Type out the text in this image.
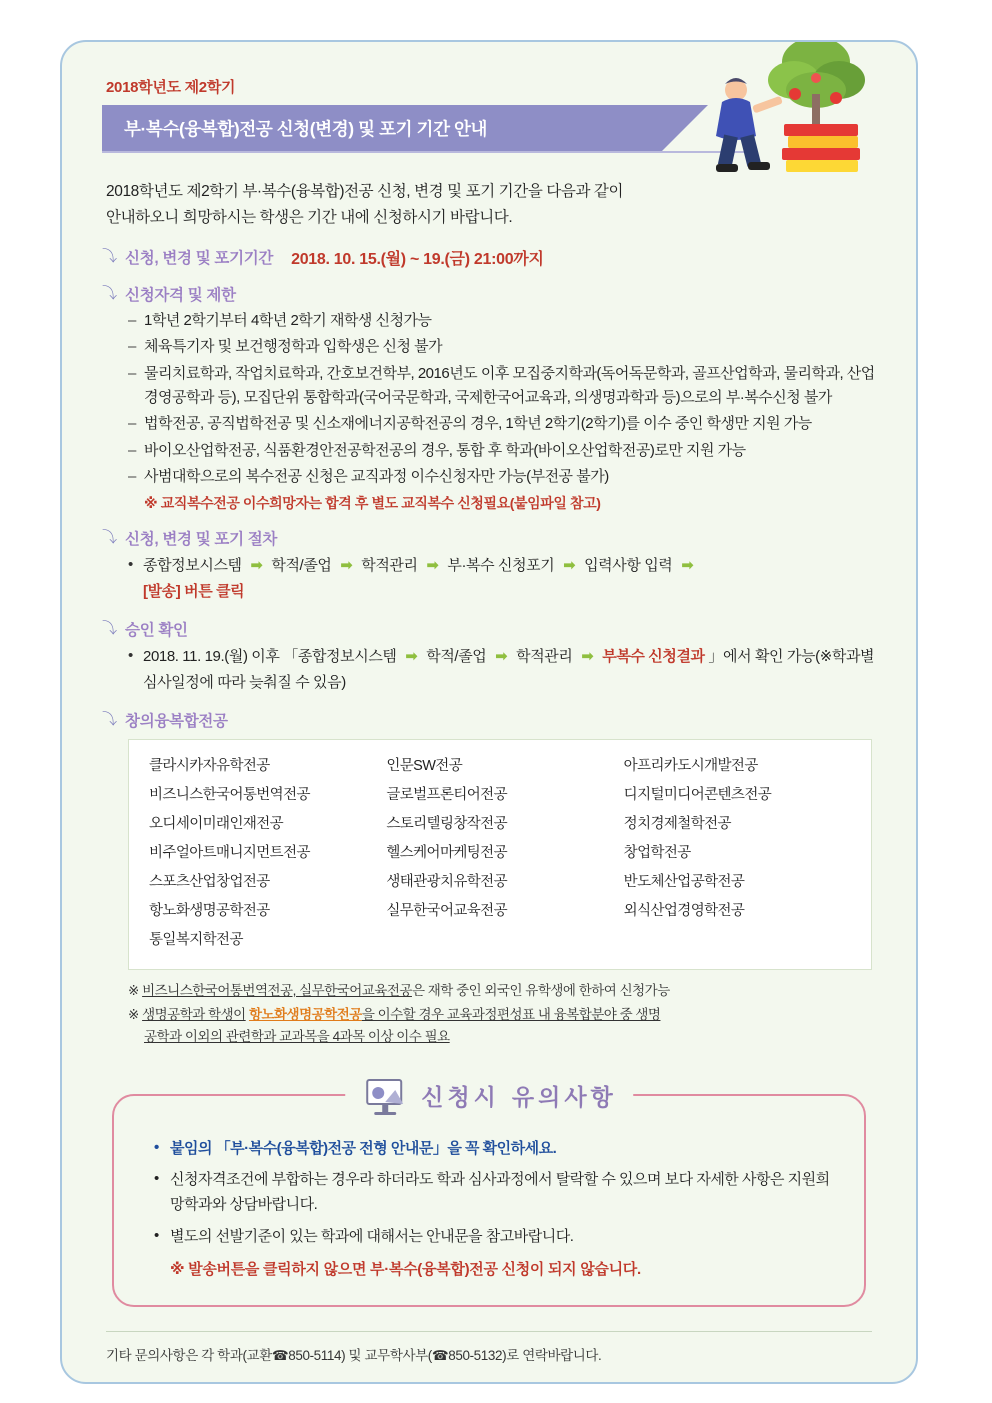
2018학년도 제2학기
부·복수(융복합)전공 신청(변경) 및 포기 기간 안내
2018학년도 제2학기 부·복수(융복합)전공 신청, 변경 및 포기 기간을 다음과 같이
안내하오니 희망하시는 학생은 기간 내에 신청하시기 바랍니다.
⤵ 신청, 변경 및 포기기간 2018. 10. 15.(월) ~ 19.(금) 21:00까지
⤵ 신청자격 및 제한
– 1학년 2학기부터 4학년 2학기 재학생 신청가능
– 체육특기자 및 보건행정학과 입학생은 신청 불가
– 물리치료학과, 작업치료학과, 간호보건학부, 2016년도 이후 모집중지학과(독어독문학과, 골프산업학과, 물리학과, 산업경영공학과 등), 모집단위 통합학과(국어국문학과, 국제한국어교육과, 의생명과학과 등)으로의 부·복수신청 불가
– 법학전공, 공직법학전공 및 신소재에너지공학전공의 경우, 1학년 2학기(2학기)를 이수 중인 학생만 지원 가능
– 바이오산업학전공, 식품환경안전공학전공의 경우, 통합 후 학과(바이오산업학전공)로만 지원 가능
– 사범대학으로의 복수전공 신청은 교직과정 이수신청자만 가능(부전공 불가)
※ 교직복수전공 이수희망자는 합격 후 별도 교직복수 신청필요(붙임파일 참고)
⤵ 신청, 변경 및 포기 절차
• 종합정보시스템 ➡ 학적/졸업 ➡ 학적관리 ➡ 부·복수 신청포기 ➡ 입력사항 입력 ➡
[발송] 버튼 클릭
⤵ 승인 확인
• 2018. 11. 19.(월) 이후 「종합정보시스템 ➡ 학적/졸업 ➡ 학적관리 ➡ 부복수 신청결과 」에서 확인 가능(※학과별 심사일정에 따라 늦춰질 수 있음)
⤵ 창의융복합전공
클라시카자유학전공	인문SW전공	아프리카도시개발전공
비즈니스한국어통번역전공	글로벌프론티어전공	디지털미디어콘텐츠전공
오디세이미래인재전공	스토리텔링창작전공	정치경제철학전공
비주얼아트매니지먼트전공	헬스케어마케팅전공	창업학전공
스포츠산업창업전공	생태관광치유학전공	반도체산업공학전공
항노화생명공학전공	실무한국어교육전공	외식산업경영학전공
통일복지학전공

※ 비즈니스한국어통번역전공, 실무한국어교육전공은 재학 중인 외국인 유학생에 한하여 신청가능

※ 생명공학과 학생이 항노화생명공학전공을 이수할 경우 교육과정편성표 내 융복합분야 중 생명
공학과 이외의 관련학과 교과목을 4과목 이상 이수 필요

신청시 유의사항
• 붙임의 「부·복수(융복합)전공 전형 안내문」을 꼭 확인하세요.
• 신청자격조건에 부합하는 경우라 하더라도 학과 심사과정에서 탈락할 수 있으며 보다 자세한 사항은 지원희망학과와 상담바랍니다.
• 별도의 선발기준이 있는 학과에 대해서는 안내문을 참고바랍니다.
※ 발송버튼을 클릭하지 않으면 부·복수(융복합)전공 신청이 되지 않습니다.
기타 문의사항은 각 학과(교환☎850-5114) 및 교무학사부(☎850-5132)로 연락바랍니다.
